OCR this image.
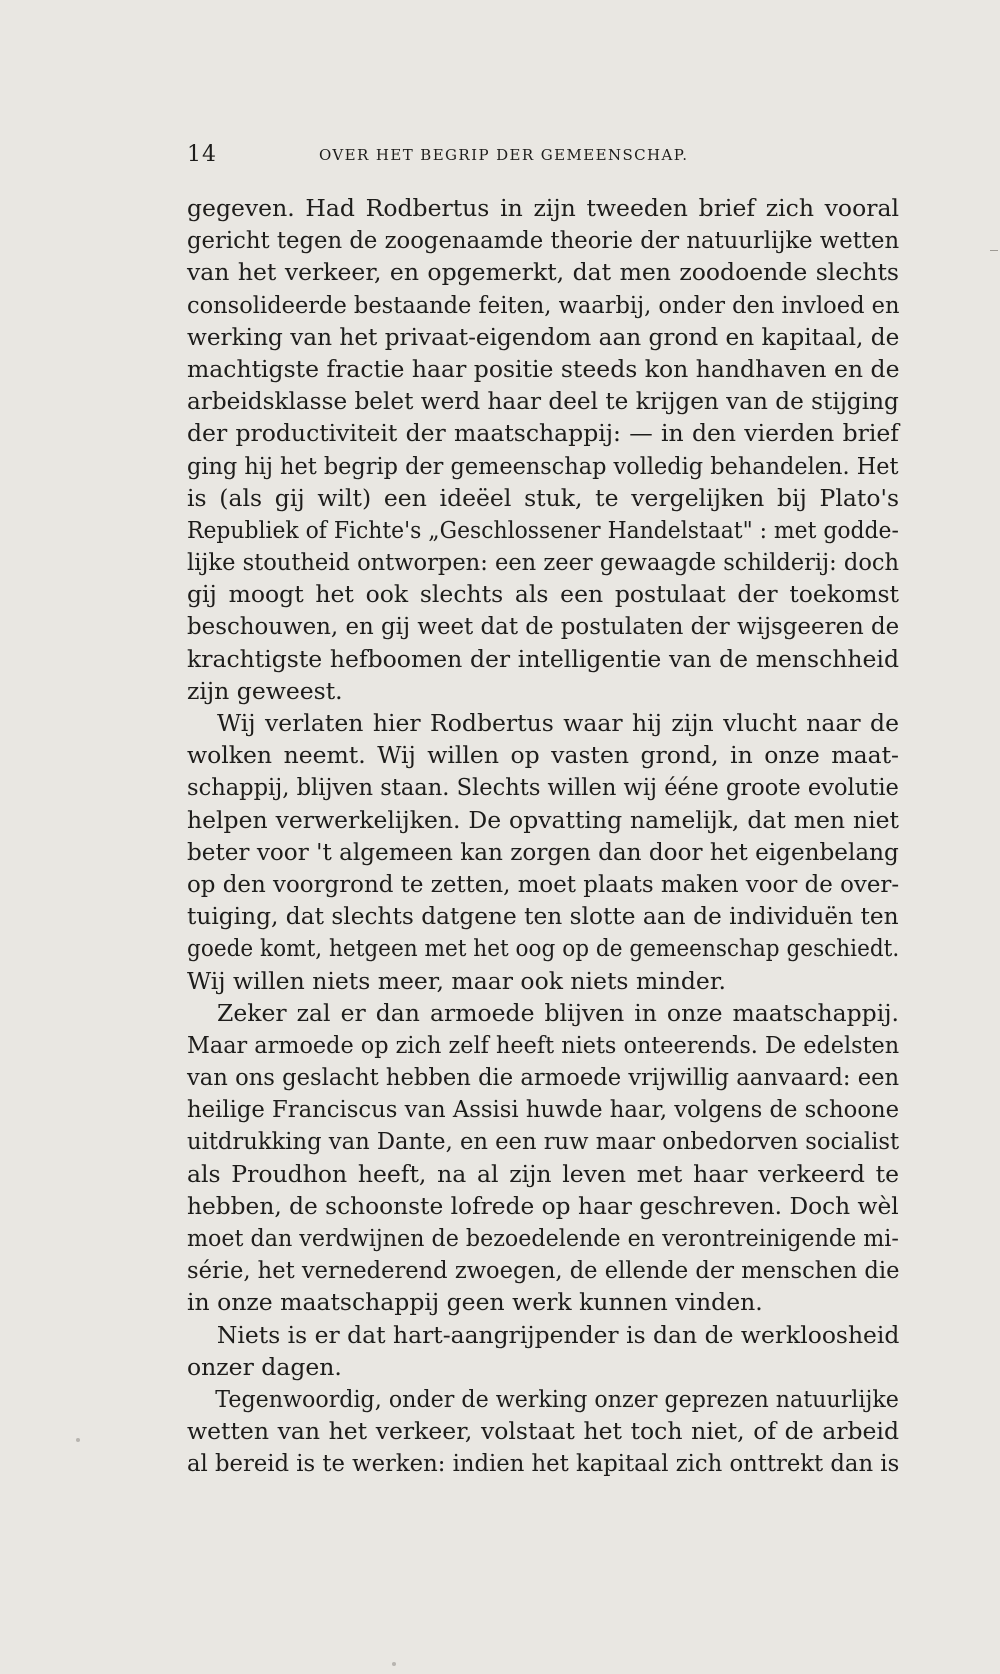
14	OVER HET BEGRIP DER GEMEENSCHAP.
gegeven. Had Rodbertus in zijn tweeden brief zich vooral
gericht tegen de zoogenaamde theorie der natuurlijke wetten
van het verkeer, en opgemerkt, dat men zoodoende slechts
consolideerde bestaande feiten, waarbij, onder den invloed en
werking van het privaat-eigendom aan grond en kapitaal, de
machtigste fractie haar positie steeds kon handhaven en de
arbeidsklasse belet werd haar deel te krijgen van de stijging
der productiviteit der maatschappij: — in den vierden brief
ging hij het begrip der gemeenschap volledig behandelen. Het
is (als gij wilt) een ideëel stuk, te vergelijken bij Plato's
Republiek of Fichte's „Geschlossener Handelstaat" : met godde-
lijke stoutheid ontworpen: een zeer gewaagde schilderij: doch
gij moogt het ook slechts als een postulaat der toekomst
beschouwen, en gij weet dat de postulaten der wijsgeeren de
krachtigste hefboomen der intelligentie van de menschheid
zijn geweest.
Wij verlaten hier Rodbertus waar hij zijn vlucht naar de
wolken neemt. Wij willen op vasten grond, in onze maat-
schappij, blijven staan. Slechts willen wij ééne groote evolutie
helpen verwerkelijken. De opvatting namelijk, dat men niet
beter voor 't algemeen kan zorgen dan door het eigenbelang
op den voorgrond te zetten, moet plaats maken voor de over-
tuiging, dat slechts datgene ten slotte aan de individuën ten
goede komt, hetgeen met het oog op de gemeenschap geschiedt.
Wij willen niets meer, maar ook niets minder.
Zeker zal er dan armoede blijven in onze maatschappij.
Maar armoede op zich zelf heeft niets onteerends. De edelsten
van ons geslacht hebben die armoede vrijwillig aanvaard: een
heilige Franciscus van Assisi huwde haar, volgens de schoone
uitdrukking van Dante, en een ruw maar onbedorven socialist
als Proudhon heeft, na al zijn leven met haar verkeerd te
hebben, de schoonste lofrede op haar geschreven. Doch wèl
moet dan verdwijnen de bezoedelende en verontreinigende mi-
série, het vernederend zwoegen, de ellende der menschen die
in onze maatschappij geen werk kunnen vinden.
Niets is er dat hart-aangrijpender is dan de werkloosheid
onzer dagen.
Tegenwoordig, onder de werking onzer geprezen natuurlijke
wetten van het verkeer, volstaat het toch niet, of de arbeid
al bereid is te werken: indien het kapitaal zich onttrekt dan is
